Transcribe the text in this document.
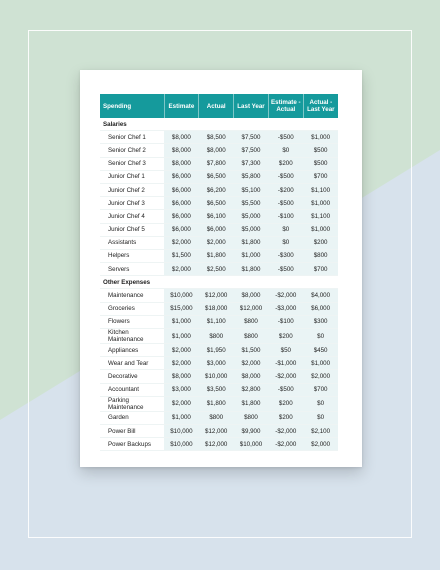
Spending	Estimate	Actual	Last Year	Estimate - Actual	Actual - Last Year
Salaries					
Senior Chef 1	$8,000	$8,500	$7,500	-$500	$1,000
Senior Chef 2	$8,000	$8,000	$7,500	$0	$500
Senior Chef 3	$8,000	$7,800	$7,300	$200	$500
Junior Chef 1	$6,000	$6,500	$5,800	-$500	$700
Junior Chef 2	$6,000	$6,200	$5,100	-$200	$1,100
Junior Chef 3	$6,000	$6,500	$5,500	-$500	$1,000
Junior Chef 4	$6,000	$6,100	$5,000	-$100	$1,100
Junior Chef 5	$6,000	$6,000	$5,000	$0	$1,000
Assistants	$2,000	$2,000	$1,800	$0	$200
Helpers	$1,500	$1,800	$1,000	-$300	$800
Servers	$2,000	$2,500	$1,800	-$500	$700
Other Expenses					
Maintenance	$10,000	$12,000	$8,000	-$2,000	$4,000
Groceries	$15,000	$18,000	$12,000	-$3,000	$6,000
Flowers	$1,000	$1,100	$800	-$100	$300
Kitchen Maintenance	$1,000	$800	$800	$200	$0
Appliances	$2,000	$1,950	$1,500	$50	$450
Wear and Tear	$2,000	$3,000	$2,000	-$1,000	$1,000
Decorative	$8,000	$10,000	$8,000	-$2,000	$2,000
Accountant	$3,000	$3,500	$2,800	-$500	$700
Parking Maintenance	$2,000	$1,800	$1,800	$200	$0
Garden	$1,000	$800	$800	$200	$0
Power Bill	$10,000	$12,000	$9,900	-$2,000	$2,100
Power Backups	$10,000	$12,000	$10,000	-$2,000	$2,000
